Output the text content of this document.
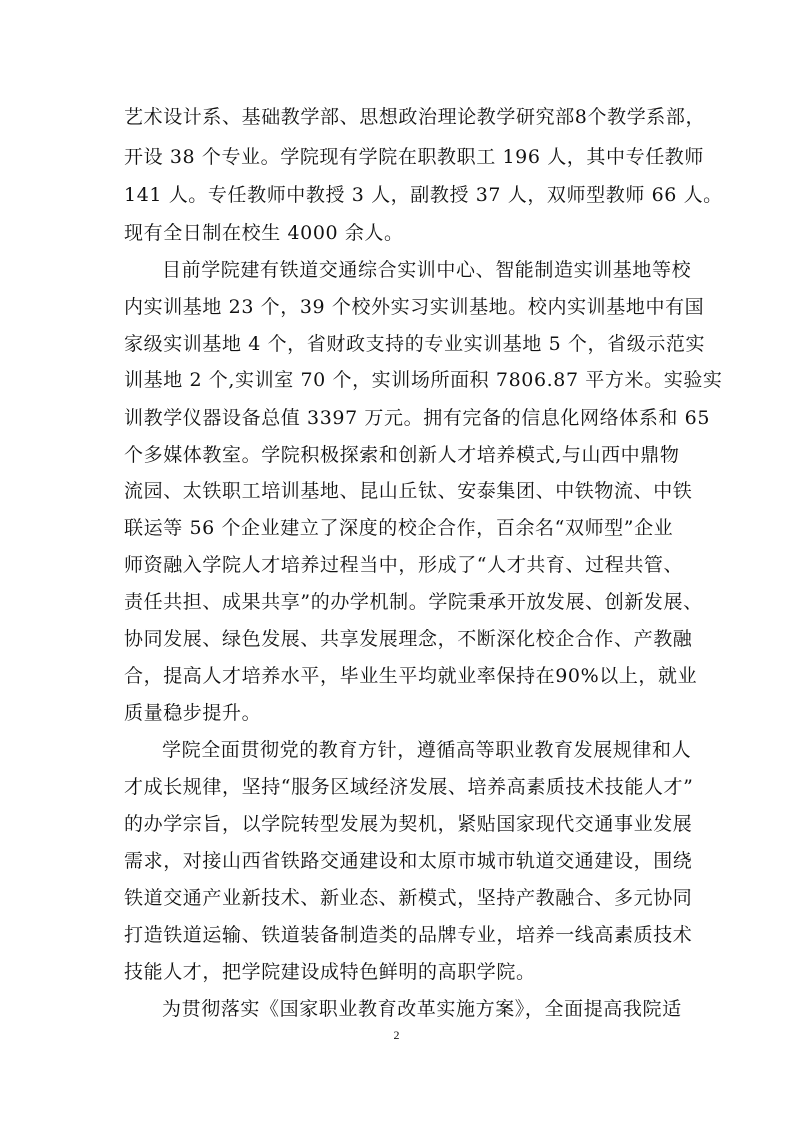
艺术设计系、基础教学部、思想政治理论教学研究部8个教学系部，
开设 38 个专业。学院现有学院在职教职工 196 人，其中专任教师
141 人。专任教师中教授 3 人，副教授 37 人，双师型教师 66 人。
现有全日制在校生 4000 余人。
目前学院建有铁道交通综合实训中心、智能制造实训基地等校
内实训基地 23 个，39 个校外实习实训基地。校内实训基地中有国
家级实训基地 4 个，省财政支持的专业实训基地 5 个，省级示范实
训基地 2 个,实训室 70 个，实训场所面积 7806.87 平方米。实验实
训教学仪器设备总值 3397 万元。拥有完备的信息化网络体系和 65
个多媒体教室。学院积极探索和创新人才培养模式,与山西中鼎物
流园、太铁职工培训基地、昆山丘钛、安泰集团、中铁物流、中铁
联运等 56 个企业建立了深度的校企合作，百余名“双师型”企业
师资融入学院人才培养过程当中，形成了“人才共育、过程共管、
责任共担、成果共享”的办学机制。学院秉承开放发展、创新发展、
协同发展、绿色发展、共享发展理念，不断深化校企合作、产教融
合，提高人才培养水平，毕业生平均就业率保持在90%以上，就业
质量稳步提升。
学院全面贯彻党的教育方针，遵循高等职业教育发展规律和人
才成长规律，坚持“服务区域经济发展、培养高素质技术技能人才”
的办学宗旨，以学院转型发展为契机，紧贴国家现代交通事业发展
需求，对接山西省铁路交通建设和太原市城市轨道交通建设，围绕
铁道交通产业新技术、新业态、新模式，坚持产教融合、多元协同
打造铁道运输、铁道装备制造类的品牌专业，培养一线高素质技术
技能人才，把学院建设成特色鲜明的高职学院。
为贯彻落实《国家职业教育改革实施方案》，全面提高我院适
2
